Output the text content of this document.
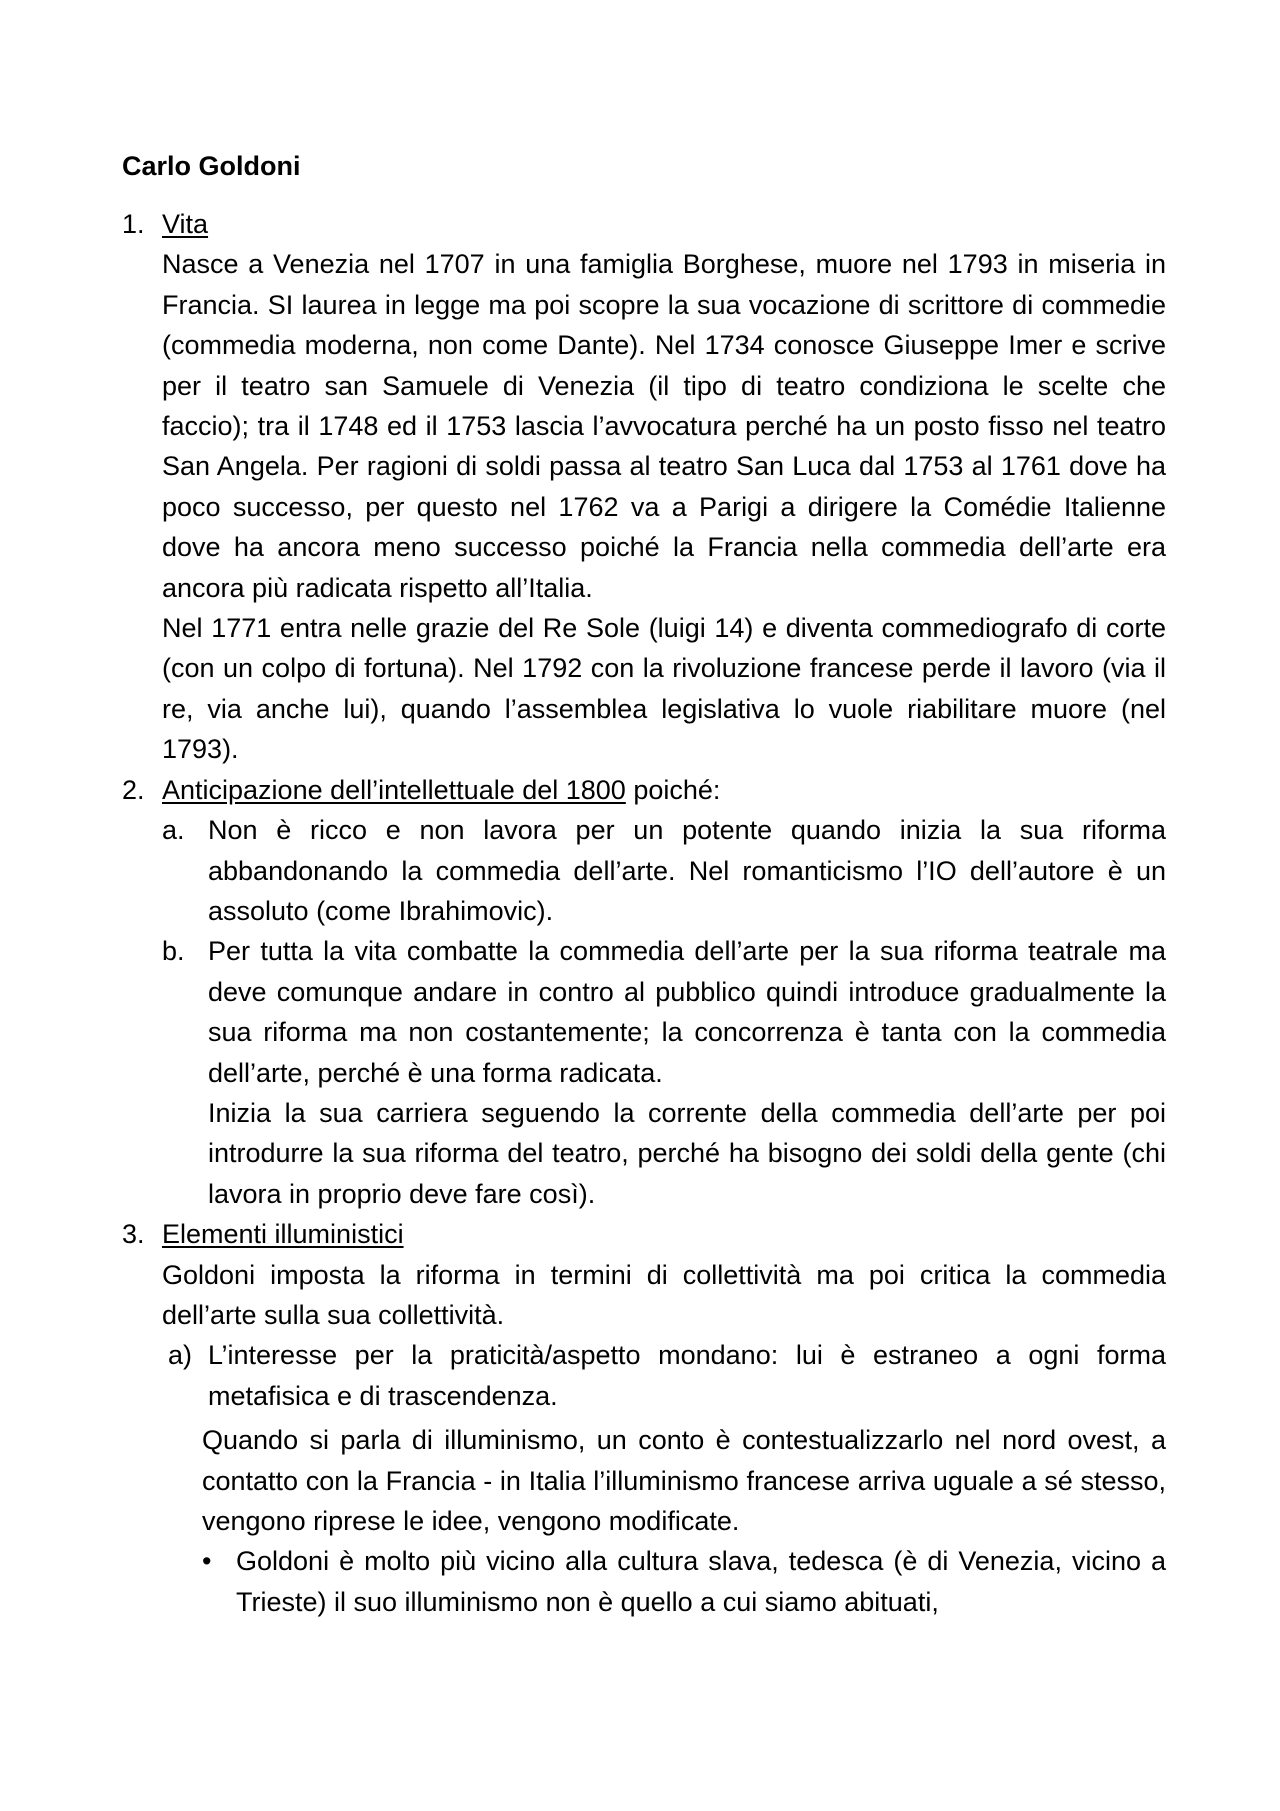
Carlo Goldoni
1. Vita
Nasce a Venezia nel 1707 in una famiglia Borghese, muore nel 1793 in miseria in Francia. SI laurea in legge ma poi scopre la sua vocazione di scrittore di commedie (commedia moderna, non come Dante). Nel 1734 conosce Giuseppe Imer e scrive per il teatro san Samuele di Venezia (il tipo di teatro condiziona le scelte che faccio); tra il 1748 ed il 1753 lascia l’avvocatura perché ha un posto fisso nel teatro San Angela. Per ragioni di soldi passa al teatro San Luca dal 1753 al 1761 dove ha poco successo, per questo nel 1762 va a Parigi a dirigere la Comédie Italienne dove ha ancora meno successo poiché la Francia nella commedia dell’arte era ancora più radicata rispetto all’Italia.
Nel 1771 entra nelle grazie del Re Sole (luigi 14) e diventa commediografo di corte (con un colpo di fortuna). Nel 1792 con la rivoluzione francese perde il lavoro (via il re, via anche lui), quando l’assemblea legislativa lo vuole riabilitare muore (nel 1793).
2. Anticipazione dell’intellettuale del 1800 poiché:
a. Non è ricco e non lavora per un potente quando inizia la sua riforma abbandonando la commedia dell’arte. Nel romanticismo l’IO dell’autore è un assoluto (come Ibrahimovic).
b. Per tutta la vita combatte la commedia dell’arte per la sua riforma teatrale ma deve comunque andare in contro al pubblico quindi introduce gradualmente la sua riforma ma non costantemente; la concorrenza è tanta con la commedia dell’arte, perché è una forma radicata.
Inizia la sua carriera seguendo la corrente della commedia dell’arte per poi introdurre la sua riforma del teatro, perché ha bisogno dei soldi della gente (chi lavora in proprio deve fare così).
3. Elementi illuministici
Goldoni imposta la riforma in termini di collettività ma poi critica la commedia dell’arte sulla sua collettività.
a) L’interesse per la praticità/aspetto mondano: lui è estraneo a ogni forma metafisica e di trascendenza.
Quando si parla di illuminismo, un conto è contestualizzarlo nel nord ovest, a contatto con la Francia - in Italia l’illuminismo francese arriva uguale a sé stesso, vengono riprese le idee, vengono modificate.
• Goldoni è molto più vicino alla cultura slava, tedesca (è di Venezia, vicino a Trieste) il suo illuminismo non è quello a cui siamo abituati,
